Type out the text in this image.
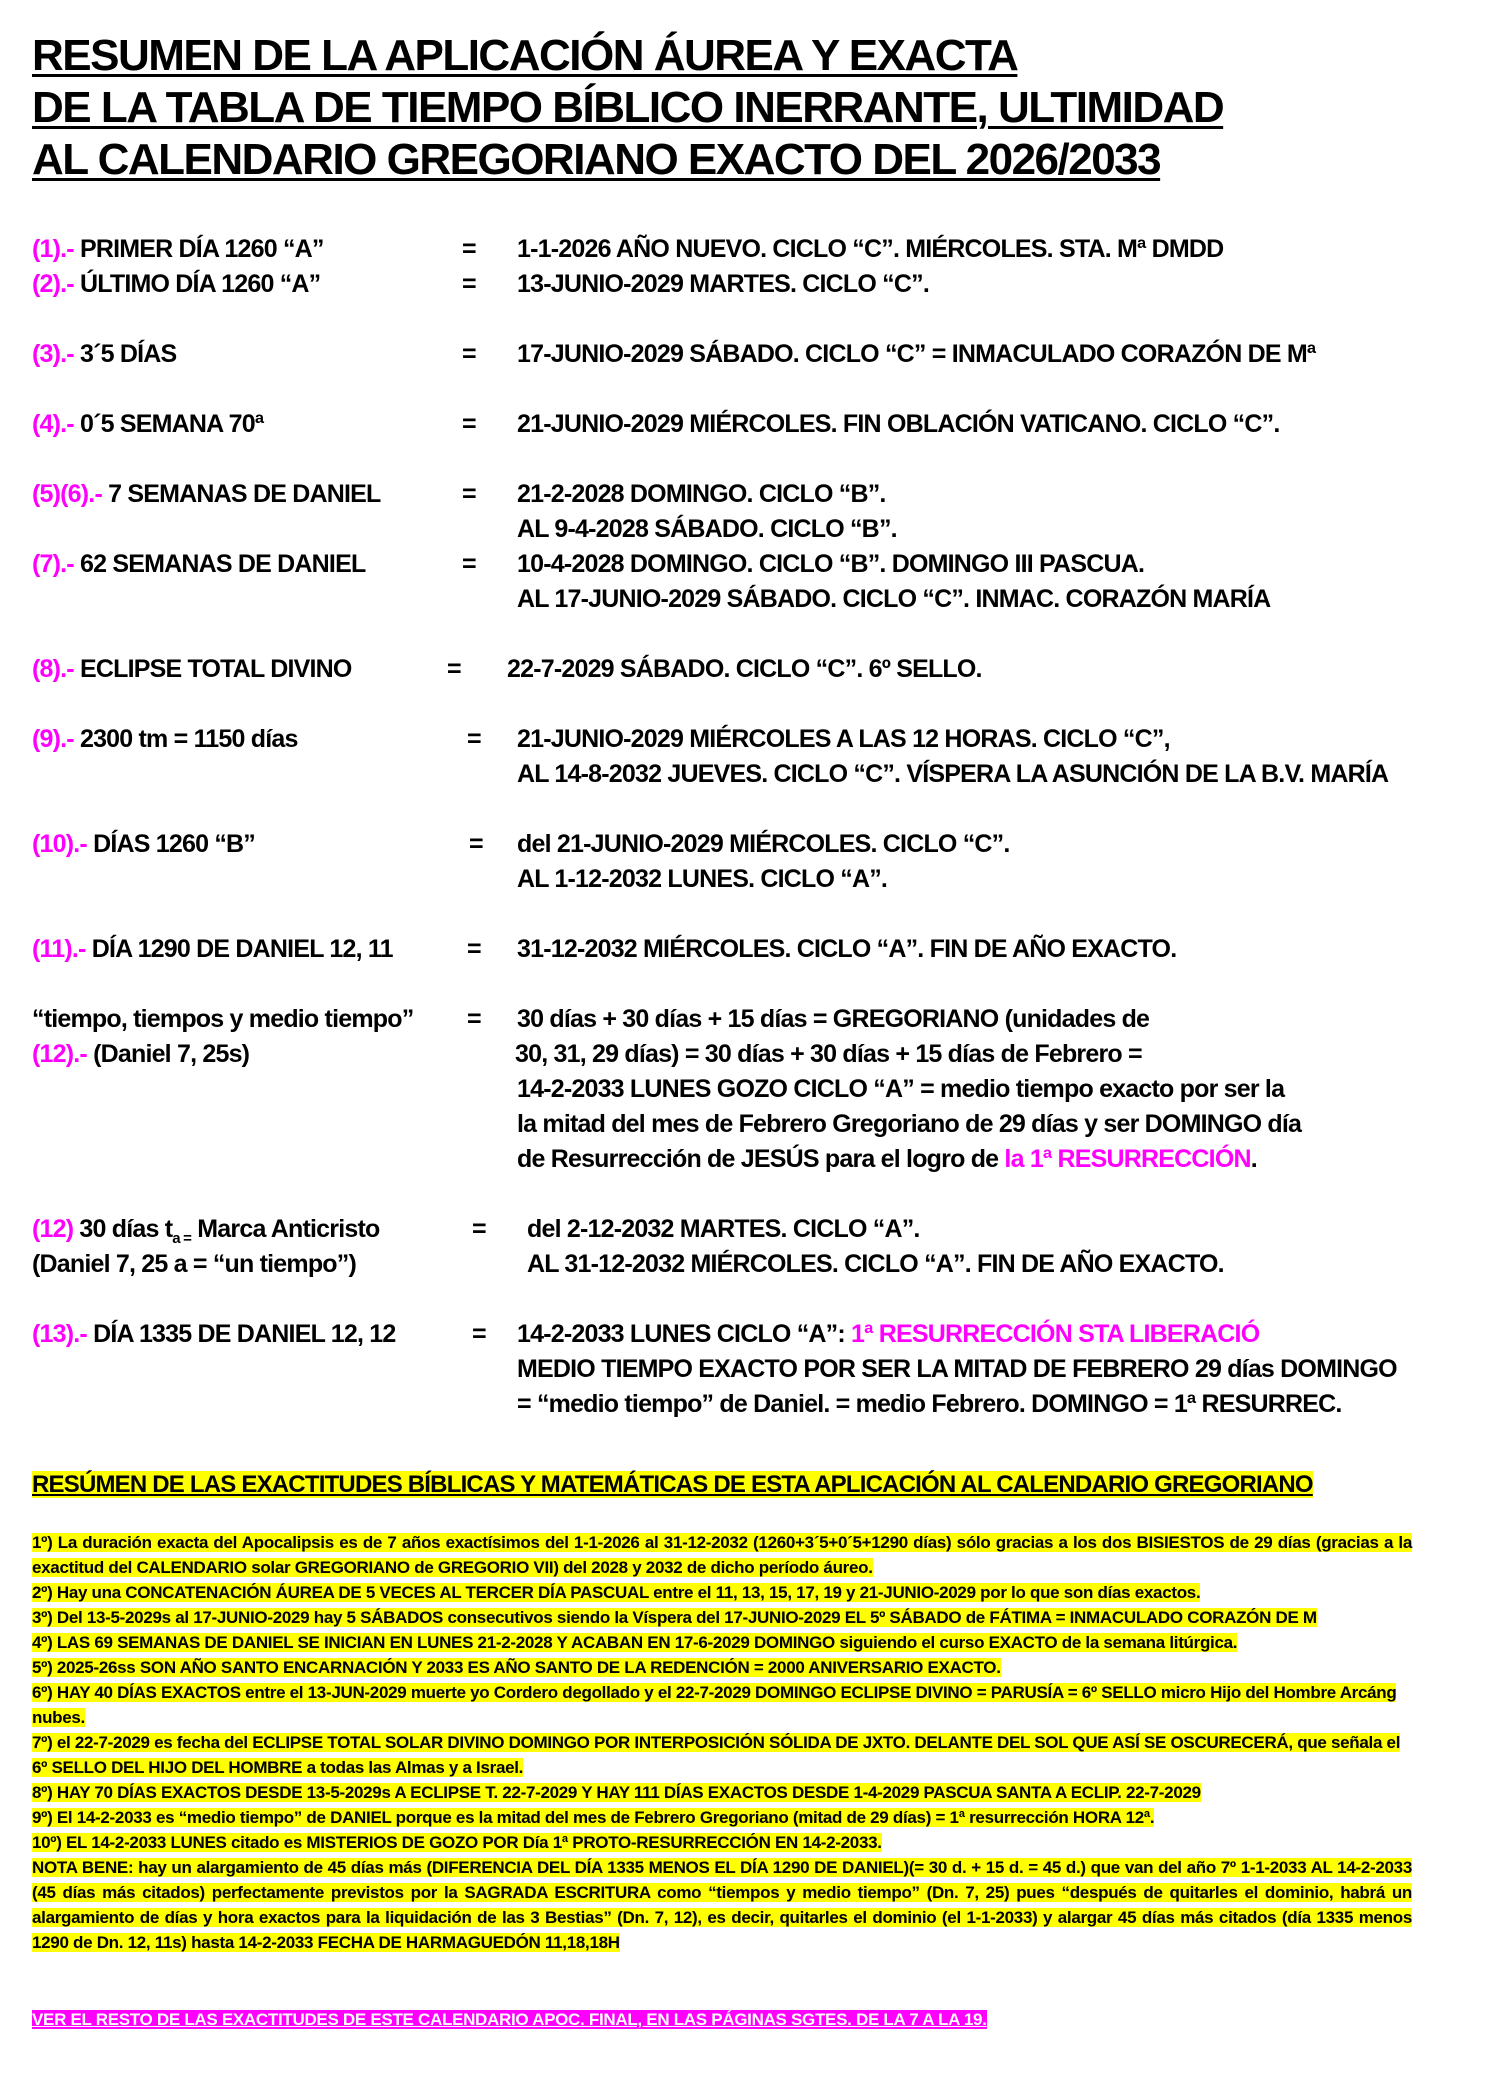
RESUMEN DE LA APLICACIÓN ÁUREA Y EXACTA
DE LA TABLA DE TIEMPO BÍBLICO INERRANTE, ULTIMIDAD
AL CALENDARIO GREGORIANO EXACTO DEL 2026/2033
(1).- PRIMER DÍA 1260 “A”	= 1-1-2026 AÑO NUEVO. CICLO “C”. MIÉRCOLES. STA. Mª DMDD
(2).- ÚLTIMO DÍA 1260 “A”	= 13-JUNIO-2029 MARTES. CICLO “C”.
(3).- 3´5 DÍAS	= 17-JUNIO-2029 SÁBADO. CICLO “C” = INMACULADO CORAZÓN DE Mª
(4).- 0´5 SEMANA 70ª	= 21-JUNIO-2029 MIÉRCOLES. FIN OBLACIÓN VATICANO. CICLO “C”.
(5)(6).- 7 SEMANAS DE DANIEL	= 21-2-2028 DOMINGO. CICLO “B”.
AL 9-4-2028 SÁBADO. CICLO “B”.
(7).- 62 SEMANAS DE DANIEL	= 10-4-2028 DOMINGO. CICLO “B”. DOMINGO III PASCUA.
AL 17-JUNIO-2029 SÁBADO. CICLO “C”. INMAC. CORAZÓN MARÍA
(8).- ECLIPSE TOTAL DIVINO	= 22-7-2029 SÁBADO. CICLO “C”. 6º SELLO.
(9).- 2300 tm = 1150 días	= 21-JUNIO-2029 MIÉRCOLES A LAS 12 HORAS. CICLO “C”,
AL 14-8-2032 JUEVES. CICLO “C”. VÍSPERA LA ASUNCIÓN DE LA B.V. MARÍA
(10).- DÍAS 1260 “B”	= del 21-JUNIO-2029 MIÉRCOLES. CICLO “C”.
AL 1-12-2032 LUNES. CICLO “A”.
(11).- DÍA 1290 DE DANIEL 12, 11	= 31-12-2032 MIÉRCOLES. CICLO “A”. FIN DE AÑO EXACTO.
“tiempo, tiempos y medio tiempo” = 30 días + 30 días + 15 días = GREGORIANO (unidades de
(12).- (Daniel 7, 25s)	30, 31, 29 días) = 30 días + 30 días + 15 días de Febrero =
14-2-2033 LUNES GOZO CICLO “A” = medio tiempo exacto por ser la
la mitad del mes de Febrero Gregoriano de 29 días y ser DOMINGO día
de Resurrección de JESÚS para el logro de la 1ª RESURRECCIÓN.
(12) 30 días $t_{a =}$ Marca Anticristo	= del 2-12-2032 MARTES. CICLO “A”.
(Daniel 7, 25 a = “un tiempo”)	AL 31-12-2032 MIÉRCOLES. CICLO “A”. FIN DE AÑO EXACTO.
(13).- DÍA 1335 DE DANIEL 12, 12	= 14-2-2033 LUNES CICLO “A”: 1ª RESURRECCIÓN STA LIBERACIÓ
MEDIO TIEMPO EXACTO POR SER LA MITAD DE FEBRERO 29 días DOMINGO
= “medio tiempo” de Daniel. = medio Febrero. DOMINGO = 1ª RESURREC.
RESÚMEN DE LAS EXACTITUDES BÍBLICAS Y MATEMÁTICAS DE ESTA APLICACIÓN AL CALENDARIO GREGORIANO

1º) La duración exacta del Apocalipsis es de 7 años exactísimos del 1-1-2026 al 31-12-2032 (1260+3´5+0´5+1290 días) sólo gracias a los dos BISIESTOS de 29 días (gracias a la exactitud del CALENDARIO solar GREGORIANO de GREGORIO VII) del 2028 y 2032 de dicho período áureo.

2º) Hay una CONCATENACIÓN ÁUREA DE 5 VECES AL TERCER DÍA PASCUAL entre el 11, 13, 15, 17, 19 y 21-JUNIO-2029 por lo que son días exactos.

3º) Del 13-5-2029s al 17-JUNIO-2029 hay 5 SÁBADOS consecutivos siendo la Víspera del 17-JUNIO-2029 EL 5º SÁBADO de FÁTIMA = INMACULADO CORAZÓN DE M

4º) LAS 69 SEMANAS DE DANIEL SE INICIAN EN LUNES 21-2-2028 Y ACABAN EN 17-6-2029 DOMINGO siguiendo el curso EXACTO de la semana litúrgica.

5º) 2025-26ss SON AÑO SANTO ENCARNACIÓN Y 2033 ES AÑO SANTO DE LA REDENCIÓN = 2000 ANIVERSARIO EXACTO.

6º) HAY 40 DÍAS EXACTOS entre el 13-JUN-2029 muerte yo Cordero degollado y el 22-7-2029 DOMINGO ECLIPSE DIVINO = PARUSÍA = 6º SELLO micro Hijo del Hombre Arcáng nubes.

7º) el 22-7-2029 es fecha del ECLIPSE TOTAL SOLAR DIVINO DOMINGO POR INTERPOSICIÓN SÓLIDA DE JXTO. DELANTE DEL SOL QUE ASÍ SE OSCURECERÁ, que señala el 6º SELLO DEL HIJO DEL HOMBRE a todas las Almas y a Israel.

8º) HAY 70 DÍAS EXACTOS DESDE 13-5-2029s A ECLIPSE T. 22-7-2029 Y HAY 111 DÍAS EXACTOS DESDE 1-4-2029 PASCUA SANTA A ECLIP. 22-7-2029

9º) El 14-2-2033 es “medio tiempo” de DANIEL porque es la mitad del mes de Febrero Gregoriano (mitad de 29 días) = 1ª resurrección HORA 12ª.

10º) EL 14-2-2033 LUNES citado es MISTERIOS DE GOZO POR Día 1ª PROTO-RESURRECCIÓN EN 14-2-2033.

NOTA BENE: hay un alargamiento de 45 días más (DIFERENCIA DEL DÍA 1335 MENOS EL DÍA 1290 DE DANIEL)(= 30 d. + 15 d. = 45 d.) que van del año 7º 1-1-2033 AL 14-2-2033 (45 días más citados) perfectamente previstos por la SAGRADA ESCRITURA como “tiempos y medio tiempo” (Dn. 7, 25) pues “después de quitarles el dominio, habrá un alargamiento de días y hora exactos para la liquidación de las 3 Bestias” (Dn. 7, 12), es decir, quitarles el dominio (el 1-1-2033) y alargar 45 días más citados (día 1335 menos 1290 de Dn. 12, 11s) hasta 14-2-2033 FECHA DE HARMAGUEDÓN 11,18,18H

VER EL RESTO DE LAS EXACTITUDES DE ESTE CALENDARIO APOC. FINAL, EN LAS PÁGINAS SGTES. DE LA 7 A LA 19.
